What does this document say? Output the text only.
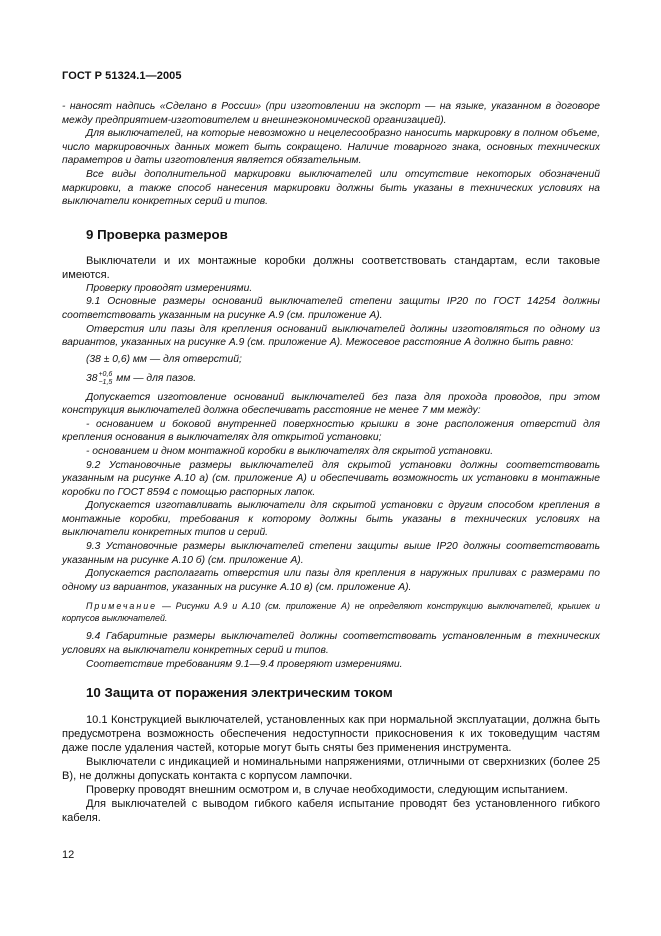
ГОСТ Р 51324.1—2005

- наносят надпись «Сделано в России» (при изготовлении на экспорт — на языке, указанном в договоре между предприятием-изготовителем и внешнеэкономической организацией).

Для выключателей, на которые невозможно и нецелесообразно наносить маркировку в полном объеме, число маркировочных данных может быть сокращено. Наличие товарного знака, основных технических параметров и даты изготовления является обязательным.

Все виды дополнительной маркировки выключателей или отсутствие некоторых обозначений маркировки, а также способ нанесения маркировки должны быть указаны в технических условиях на выключатели конкретных серий и типов.

9 Проверка размеров

Выключатели и их монтажные коробки должны соответствовать стандартам, если таковые имеются.

Проверку проводят измерениями.

9.1 Основные размеры оснований выключателей степени защиты IP20 по ГОСТ 14254 должны соответствовать указанным на рисунке А.9 (см. приложение А).

Отверстия или пазы для крепления оснований выключателей должны изготовляться по одному из вариантов, указанных на рисунке А.9 (см. приложение А). Межосевое расстояние А должно быть равно:

(38 ± 0,6) мм — для отверстий;

38 +0,6
−1,5 мм — для пазов.

Допускается изготовление оснований выключателей без паза для прохода проводов, при этом конструкция выключателей должна обеспечивать расстояние не менее 7 мм между:

- основанием и боковой внутренней поверхностью крышки в зоне расположения отверстий для крепления основания в выключателях для открытой установки;

- основанием и дном монтажной коробки в выключателях для скрытой установки.

9.2 Установочные размеры выключателей для скрытой установки должны соответствовать указанным на рисунке А.10 а) (см. приложение А) и обеспечивать возможность их установки в монтажные коробки по ГОСТ 8594 с помощью распорных лапок.

Допускается изготавливать выключатели для скрытой установки с другим способом крепления в монтажные коробки, требования к которому должны быть указаны в технических условиях на выключатели конкретных типов и серий.

9.3 Установочные размеры выключателей степени защиты выше IP20 должны соответствовать указанным на рисунке А.10 б) (см. приложение А).

Допускается располагать отверстия или пазы для крепления в наружных приливах с размерами по одному из вариантов, указанных на рисунке А.10 в) (см. приложение А).

Примечание — Рисунки А.9 и А.10 (см. приложение А) не определяют конструкцию выключателей, крышек и корпусов выключателей.

9.4 Габаритные размеры выключателей должны соответствовать установленным в технических условиях на выключатели конкретных серий и типов.

Соответствие требованиям 9.1—9.4 проверяют измерениями.

10 Защита от поражения электрическим током

10.1 Конструкцией выключателей, установленных как при нормальной эксплуатации, должна быть предусмотрена возможность обеспечения недоступности прикосновения к их токоведущим частям даже после удаления частей, которые могут быть сняты без применения инструмента.

Выключатели с индикацией и номинальными напряжениями, отличными от сверхнизких (более 25 В), не должны допускать контакта с корпусом лампочки.

Проверку проводят внешним осмотром и, в случае необходимости, следующим испытанием.

Для выключателей с выводом гибкого кабеля испытание проводят без установленного гибкого кабеля.

12
